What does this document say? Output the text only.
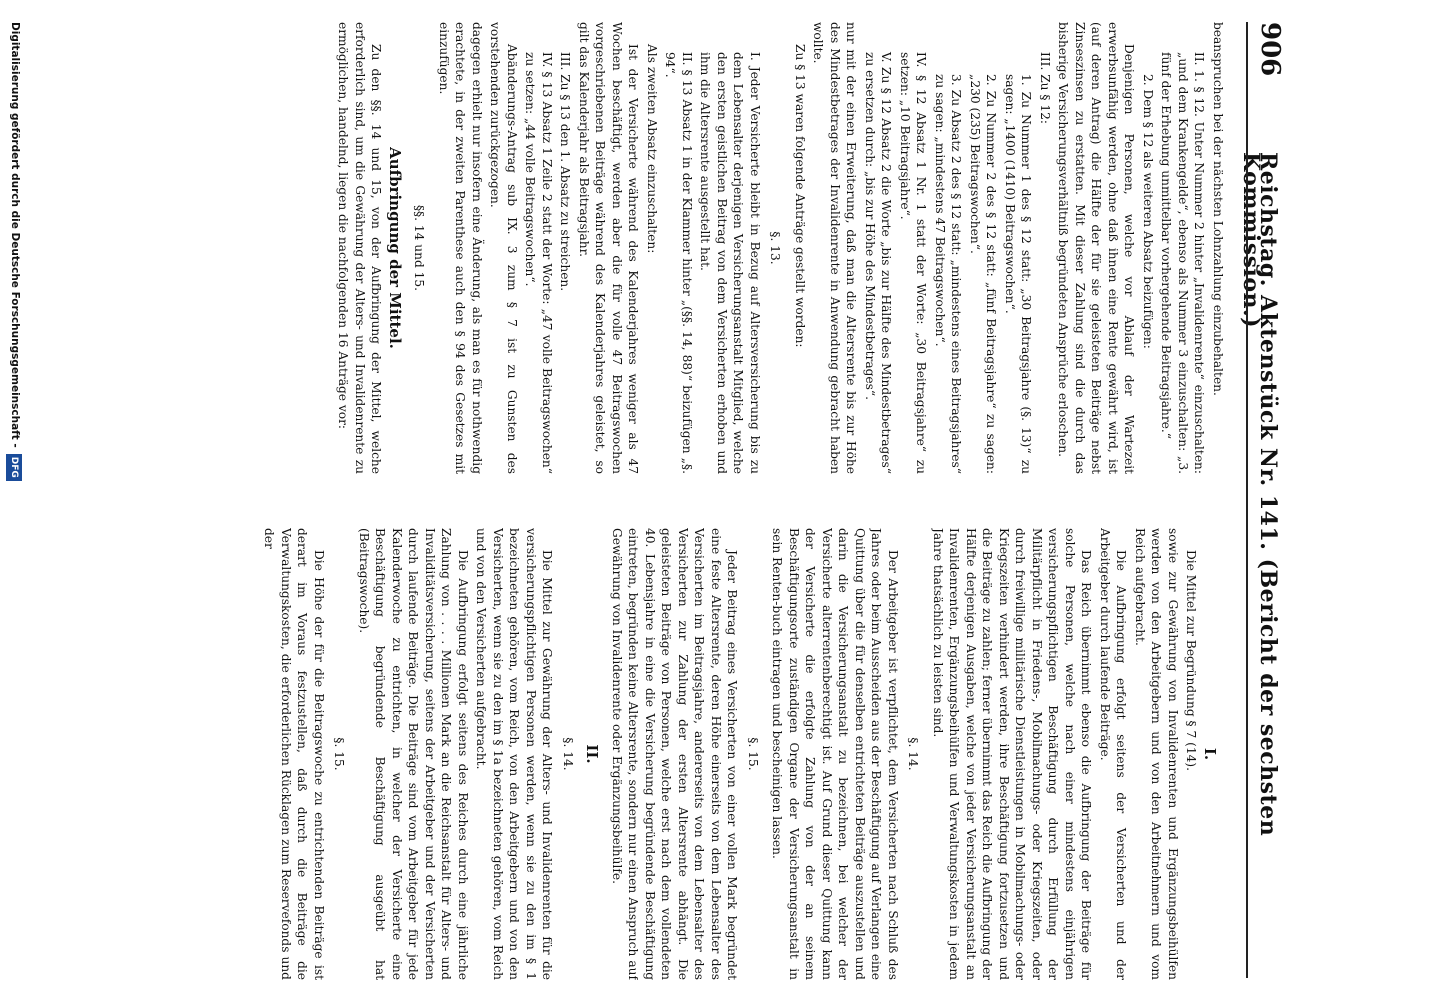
906
Reichstag. Aktenstück Nr. 141. (Bericht der sechsten Kommission.)

beanspruchen bei der nächsten Lohnzahlung einzubehalten.

II. 1. § 12. Unter Nummer 2 hinter „Invalidenrente“ einzuschalten: „und dem Krankengelde“, ebenso als Nummer 3 einzuschalten: „3. fünf der Erhebung unmittelbar vorhergehende Beitragsjahre.“

2. Dem § 12 als weiteren Absatz beizufügen:

Denjenigen Personen, welche vor Ablauf der Wartezeit erwerbsunfähig werden, ohne daß ihnen eine Rente gewährt wird, ist (auf deren Antrag) die Hälfte der für sie geleisteten Beiträge nebst Zinseszinsen zu erstatten. Mit dieser Zahlung sind die durch das bisherige Versicherungsverhältniß begründeten Ansprüche erloschen.

III. Zu § 12:

1. Zu Nummer 1 des § 12 statt: „30 Beitragsjahre (§. 13)“ zu sagen: „1400 (1410) Beitragswochen“.

2. Zu Nummer 2 des § 12 statt: „fünf Beitragsjahre“ zu sagen: „230 (235) Beitragswochen“.

3. Zu Absatz 2 des § 12 statt: „mindestens eines Beitragsjahres“ zu sagen: „mindestens 47 Beitragswochen“.

IV. § 12 Absatz 1 Nr. 1 statt der Worte: „30 Beitragsjahre“ zu setzen: „10 Beitragsjahre“.

V. Zu § 12 Absatz 2 die Worte „bis zur Hälfte des Mindestbetrages“ zu ersetzen durch: „bis zur Höhe des Mindestbetrages“.

nur mit der einen Erweiterung, daß man die Altersrente bis zur Höhe des Mindestbetrages der Invalidenrente in Anwendung gebracht haben wollte.

Zu § 13 waren folgende Anträge gestellt worden:

§. 13.

I. Jeder Versicherte bleibt in Bezug auf Altersversicherung bis zu dem Lebensalter derjenigen Versicherungsanstalt Mitglied, welche den ersten geistlichen Beitrag von dem Versicherten erhoben und ihm die Altersrente ausgestellt hat.

II. § 13 Absatz 1 in der Klammer hinter „(§§. 14, 88)“ beizufügen „§. 94“.

Als zweiten Absatz einzuschalten:

Ist der Versicherte während des Kalenderjahres weniger als 47 Wochen beschäftigt, werden aber die für volle 47 Beitragswochen vorgeschriebenen Beiträge während des Kalenderjahres geleistet, so gilt das Kalenderjahr als Beitragsjahr.

III. Zu § 13 den 1. Absatz zu streichen.

IV. § 13 Absatz 1 Zeile 2 statt der Worte: „47 volle Beitragswochen“ zu setzen: „44 volle Beitragswochen“.

Abänderungs-Antrag sub IX. 3 zum § 7 ist zu Gunsten des vorstehenden zurückgezogen.

dagegen erhielt nur insofern eine Änderung, als man es für nothwendig erachtete, in der zweiten Parenthese auch den § 94 des Gesetzes mit einzufügen.

§§. 14 und 15.

Aufbringung der Mittel.

Zu den §§. 14 und 15, von der Aufbringung der Mittel, welche erforderlich sind, um die Gewährung der Alters- und Invalidenrente zu ermöglichen, handelnd, liegen die nachfolgenden 16 Anträge vor:

I.

Die Mittel zur Begründung § 7 (14).

sowie zur Gewährung von Invalidenrenten und Ergänzungsbeihülfen werden von den Arbeitgebern und von den Arbeitnehmern und vom Reich aufgebracht.

Die Aufbringung erfolgt seitens der Versicherten und der Arbeitgeber durch laufende Beiträge.

Das Reich übernimmt ebenso die Aufbringung der Beiträge für solche Personen, welche nach einer mindestens einjährigen versicherungspflichtigen Beschäftigung durch Erfüllung der Militärpflicht in Friedens-, Mobilmachungs- oder Kriegszeiten, oder durch freiwillige militärische Dienstleistungen in Mobilmachungs- oder Kriegszeiten verhindert werden, ihre Beschäftigung fortzusetzen und die Beiträge zu zahlen; ferner übernimmt das Reich die Aufbringung der Hälfte derjenigen Ausgaben, welche von jeder Versicherungsanstalt an Invalidenrenten, Ergänzungsbeihülfen und Verwaltungskosten in jedem Jahre thatsächlich zu leisten sind.

§. 14.

Der Arbeitgeber ist verpflichtet, dem Versicherten nach Schluß des Jahres oder beim Ausscheiden aus der Beschäftigung auf Verlangen eine Quittung über die für denselben entrichteten Beiträge auszustellen und darin die Versicherungsanstalt zu bezeichnen, bei welcher der Versicherte alterrentenberechtigt ist. Auf Grund dieser Quittung kann der Versicherte die erfolgte Zahlung von der an seinem Beschäftigungsorte zuständigen Organe der Versicherungsanstalt in sein Renten-buch eintragen und bescheinigen lassen.

§. 15.

Jeder Beitrag eines Versicherten von einer vollen Mark begründet eine feste Altersrente, deren Höhe einerseits von dem Lebensalter des Versicherten im Beitragsjahre, andererseits von dem Lebensalter des Versicherten zur Zahlung der ersten Altersrente abhängt. Die geleisteten Beiträge von Personen, welche erst nach dem vollendeten 40. Lebensjahre in eine die Versicherung begründende Beschäftigung eintreten, begründen keine Altersrente, sondern nur einen Anspruch auf Gewährung von Invalidenrente oder Ergänzungsbeihülfe.

II.

§. 14.

Die Mittel zur Gewährung der Alters- und Invalidenrenten für die versicherungspflichtigen Personen werden, wenn sie zu den im § 1 bezeichneten gehören, vom Reich, von den Arbeitgebern und von den Versicherten, wenn sie zu den im § 1a bezeichneten gehören, vom Reich und von den Versicherten aufgebracht.

Die Aufbringung erfolgt seitens des Reiches durch eine jährliche Zahlung von . . . . Millionen Mark an die Reichsanstalt für Alters- und Invaliditätsversicherung, seitens der Arbeitgeber und der Versicherten durch laufende Beiträge. Die Beiträge sind vom Arbeitgeber für jede Kalenderwoche zu entrichten, in welcher der Versicherte eine Beschäftigung begründende Beschäftigung ausgeübt hat (Beitragswoche).

§. 15.

Die Höhe der für die Beitragswoche zu entrichtenden Beiträge ist derart im Voraus festzustellen, daß durch die Beiträge die Verwaltungskosten, die erforderlichen Rücklagen zum Reservefonds und der

Digitalisierung gefördert durch die Deutsche Forschungsgemeinschaft -DFG
